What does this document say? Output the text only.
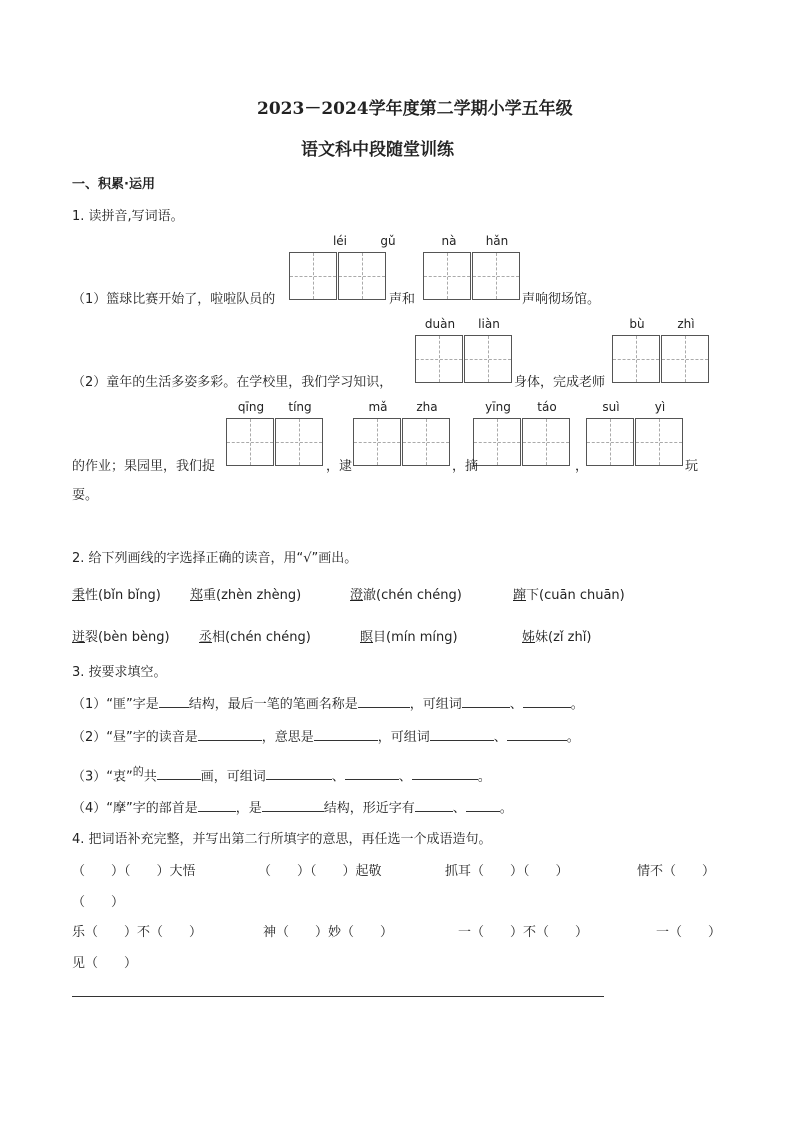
2023－2024学年度第二学期小学五年级
语文科中段随堂训练
一、积累·运用
1. 读拼音,写词语。
léi	gǔ	nà	hǎn
（1）篮球比赛开始了，啦啦队员的	声和	声响彻场馆。
duàn	liàn	bù	zhì
（2）童年的生活多姿多彩。在学校里，我们学习知识，	身体，完成老师
qīng	tíng	mǎ	zha	yīng	táo	suì	yì
的作业；果园里，我们捉	，逮	，摘	，	玩
耍。
2. 给下列画线的字选择正确的读音，用“√”画出。
秉性(bǐn bǐng) 郑重(zhèn zhèng)	澄澈(chén chéng)	蹿下(cuān chuān)
迸裂(bèn bèng) 丞相(chén chéng)	瞑目(mín míng)	姊妹(zǐ zhǐ)
3. 按要求填空。
（1）“匪”字是 结构，最后一笔的笔画名称是	，可组词	、	。
（2）“昼”字的读音是	，意思是	，可组词	、	。
（3）“衷”$^的$共	画，可组词	、	、	。
（4）“摩”字的部首是	，是	结构，形近字有	、	。
4. 把词语补充完整，并写出第二行所填字的意思，再任选一个成语造句。
（　　）（　　）大悟	（　　）（　　）起敬	抓耳（　　）（　　）	情不（　　）
（　　）
乐（　　）不（　　）	神（　　）妙（　　）	一（　　）不（　　）	一（　　）
见（　　）
